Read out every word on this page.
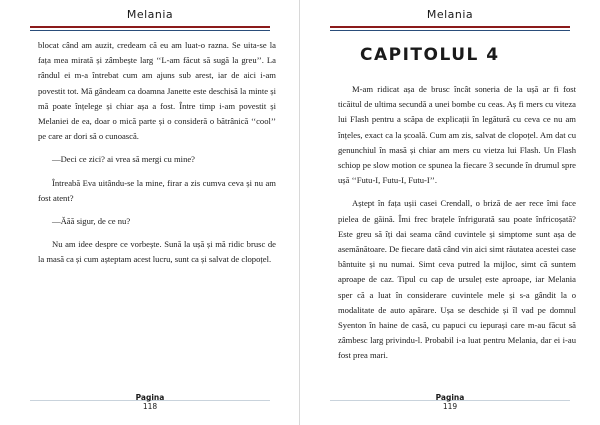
Melania

blocat când am auzit, credeam că eu am luat-o razna. Se uita-se la fața mea mirată și zâmbește larg ‘‘L-am făcut să sugă la greu’’. La rândul ei m-a întrebat cum am ajuns sub arest, iar de aici i-am povestit tot. Mă gândeam ca doamna Janette este deschisă la minte și mă poate înțelege și chiar așa a fost. Între timp i-am povestit și Melaniei de ea, doar o mică parte și o consideră o bătrânică ‘‘cool’’ pe care ar dori să o cunoască.

—Deci ce zici? ai vrea să mergi cu mine?

Întreabă Eva uitându-se la mine, firar a zis cumva ceva și nu am fost atent?

—Ăăă sigur, de ce nu?

Nu am idee despre ce vorbește. Sună la ușă și mă ridic brusc de la masă ca și cum așteptam acest lucru, sunt ca și salvat de clopoțel.

Pagina
118
Melania
CAPITOLUL 4

M-am ridicat așa de brusc încât soneria de la ușă ar fi fost ticăitul de ultima secundă a unei bombe cu ceas. Aș fi mers cu viteza lui Flash pentru a scăpa de explicații în legătură cu ceva ce nu am înțeles, exact ca la școală. Cum am zis, salvat de clopoțel. Am dat cu genunchiul în masă și chiar am mers cu vietza lui Flash. Un Flash schiop pe slow motion ce spunea la fiecare 3 secunde în drumul spre ușă ‘‘Futu-I, Futu-I, Futu-I’’.

Aștept în fața ușii casei Crendall, o briză de aer rece îmi face pielea de găină. Îmi frec brațele înfrigurată sau poate înfricoșată? Este greu să îți dai seama când cuvintele și simptome sunt așa de asemănătoare. De fiecare dată când vin aici simt răutatea acestei case bântuite și nu numai. Simt ceva putred la mijloc, simt că suntem aproape de caz. Tipul cu cap de ursuleț este aproape, iar Melania sper că a luat în considerare cuvintele mele și s-a gândit la o modalitate de auto apărare. Ușa se deschide și îl vad pe domnul Syenton în haine de casă, cu papuci cu iepurași care m-au făcut să zâmbesc larg privindu-l. Probabil i-a luat pentru Melania, dar ei i-au fost prea mari.

Pagina
119
